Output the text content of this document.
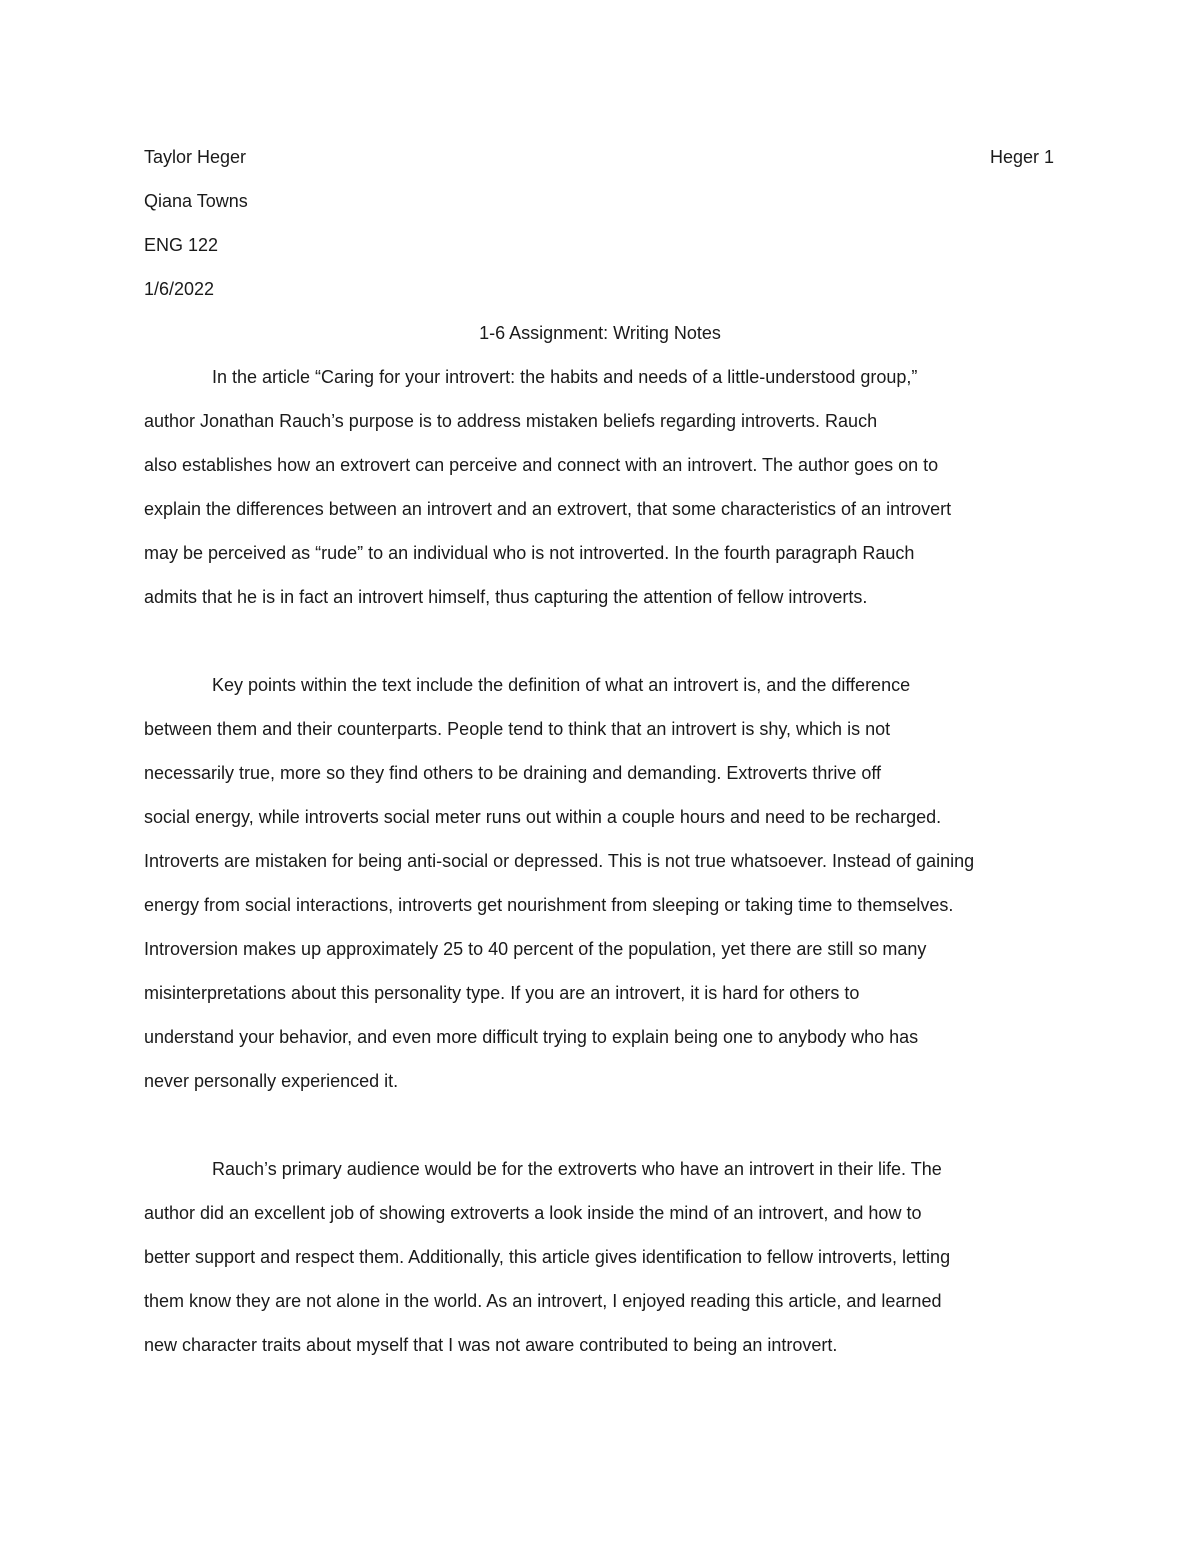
Taylor Heger	Heger 1
Qiana Towns
ENG 122
1/6/2022
1-6 Assignment: Writing Notes
In the article “Caring for your introvert: the habits and needs of a little-understood group,”
author Jonathan Rauch’s purpose is to address mistaken beliefs regarding introverts. Rauch
also establishes how an extrovert can perceive and connect with an introvert. The author goes on to
explain the differences between an introvert and an extrovert, that some characteristics of an introvert
may be perceived as “rude” to an individual who is not introverted. In the fourth paragraph Rauch
admits that he is in fact an introvert himself, thus capturing the attention of fellow introverts.
Key points within the text include the definition of what an introvert is, and the difference
between them and their counterparts. People tend to think that an introvert is shy, which is not
necessarily true, more so they find others to be draining and demanding. Extroverts thrive off
social energy, while introverts social meter runs out within a couple hours and need to be recharged.
Introverts are mistaken for being anti-social or depressed. This is not true whatsoever. Instead of gaining
energy from social interactions, introverts get nourishment from sleeping or taking time to themselves.
Introversion makes up approximately 25 to 40 percent of the population, yet there are still so many
misinterpretations about this personality type. If you are an introvert, it is hard for others to
understand your behavior, and even more difficult trying to explain being one to anybody who has
never personally experienced it.
Rauch’s primary audience would be for the extroverts who have an introvert in their life. The
author did an excellent job of showing extroverts a look inside the mind of an introvert, and how to
better support and respect them. Additionally, this article gives identification to fellow introverts, letting
them know they are not alone in the world. As an introvert, I enjoyed reading this article, and learned
new character traits about myself that I was not aware contributed to being an introvert.
